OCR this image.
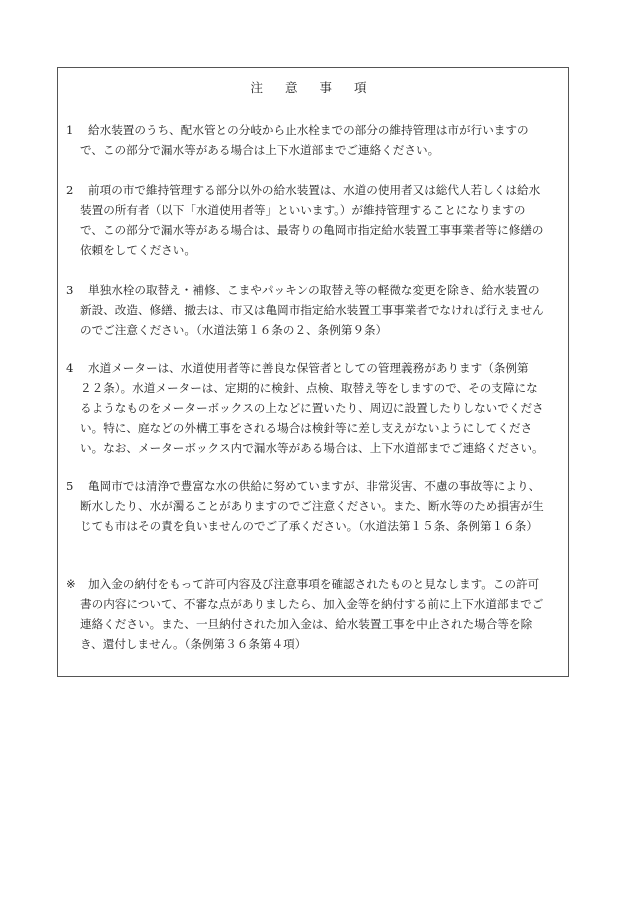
注 意 事 項
1 給水装置のうち、配水管との分岐から止水栓までの部分の維持管理は市が行いますの
で、この部分で漏水等がある場合は上下水道部までご連絡ください。
2 前項の市で維持管理する部分以外の給水装置は、水道の使用者又は総代人若しくは給水
装置の所有者（以下「水道使用者等」といいます。）が維持管理することになりますの
で、この部分で漏水等がある場合は、最寄りの亀岡市指定給水装置工事事業者等に修繕の
依頼をしてください。
3 単独水栓の取替え・補修、こまやパッキンの取替え等の軽微な変更を除き、給水装置の
新設、改造、修繕、撤去は、市又は亀岡市指定給水装置工事事業者でなければ行えません
のでご注意ください。（水道法第１６条の２、条例第９条）
4 水道メーターは、水道使用者等に善良な保管者としての管理義務があります（条例第
２２条）。水道メーターは、定期的に検針、点検、取替え等をしますので、その支障にな
るようなものをメーターボックスの上などに置いたり、周辺に設置したりしないでくださ
い。特に、庭などの外構工事をされる場合は検針等に差し支えがないようにしてくださ
い。なお、メーターボックス内で漏水等がある場合は、上下水道部までご連絡ください。
5 亀岡市では清浄で豊富な水の供給に努めていますが、非常災害、不慮の事故等により、
断水したり、水が濁ることがありますのでご注意ください。また、断水等のため損害が生
じても市はその責を負いませんのでご了承ください。（水道法第１５条、条例第１６条）
※ 加入金の納付をもって許可内容及び注意事項を確認されたものと見なします。この許可
書の内容について、不審な点がありましたら、加入金等を納付する前に上下水道部までご
連絡ください。また、一旦納付された加入金は、給水装置工事を中止された場合等を除
き、還付しません。（条例第３６条第４項）
